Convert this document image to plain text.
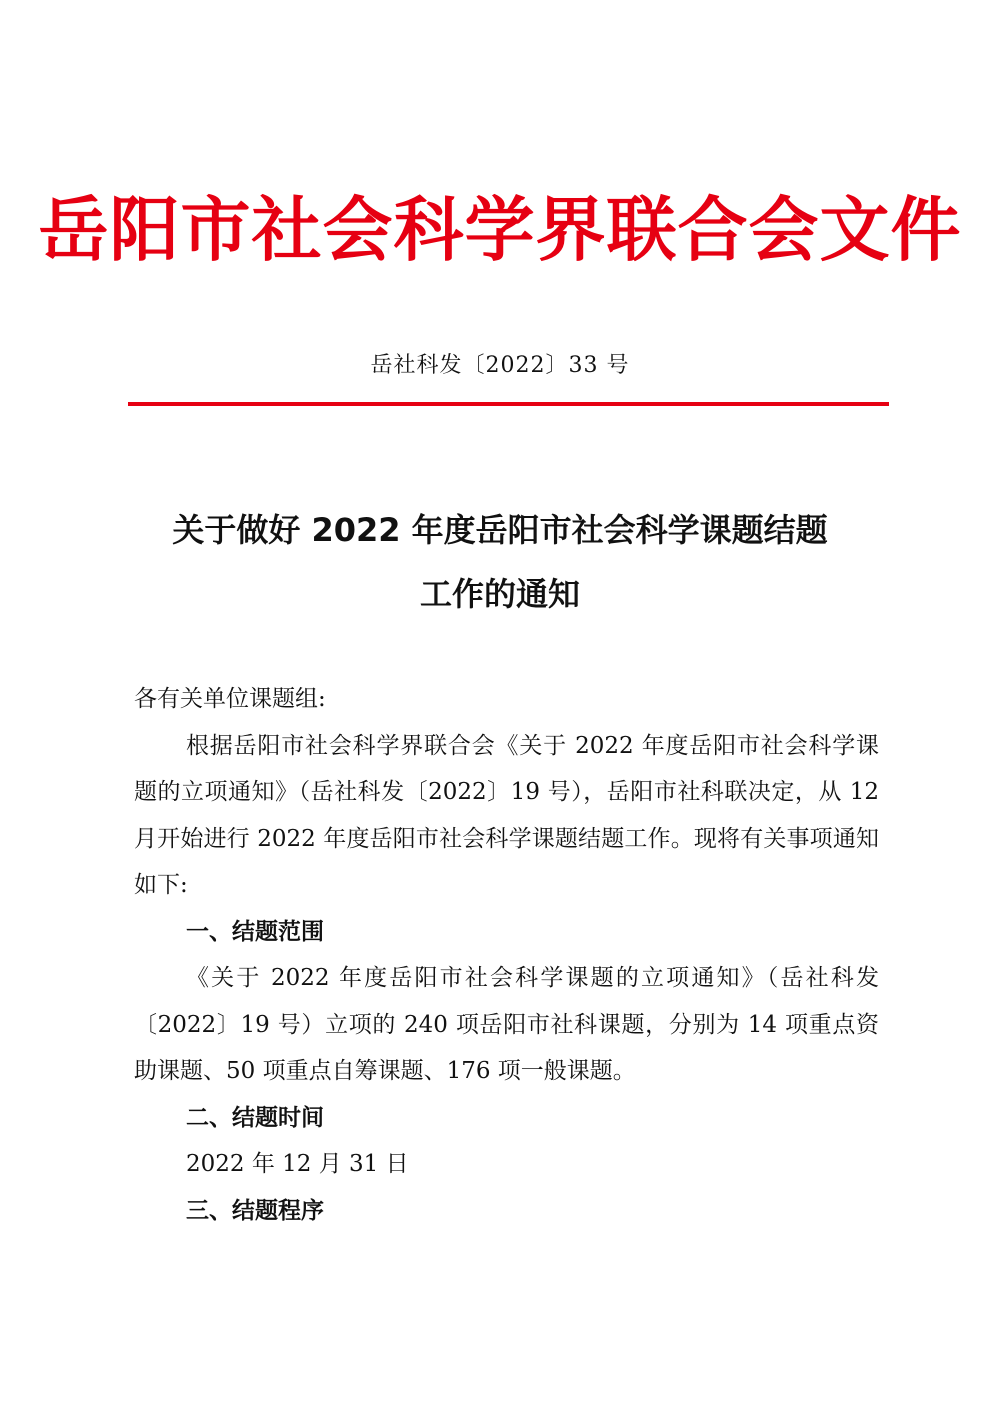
岳阳市社会科学界联合会文件
岳社科发〔2022〕33 号
关于做好 2022 年度岳阳市社会科学课题结题
工作的通知

各有关单位课题组:

根据岳阳市社会科学界联合会《关于 2022 年度岳阳市社会科学课题的立项通知》（岳社科发〔2022〕19 号），岳阳市社科联决定，从 12 月开始进行 2022 年度岳阳市社会科学课题结题工作。现将有关事项通知如下:

一、结题范围

《关于 2022 年度岳阳市社会科学课题的立项通知》（岳社科发〔2022〕19 号）立项的 240 项岳阳市社科课题，分别为 14 项重点资助课题、50 项重点自筹课题、176 项一般课题。

二、结题时间

2022 年 12 月 31 日

三、结题程序
